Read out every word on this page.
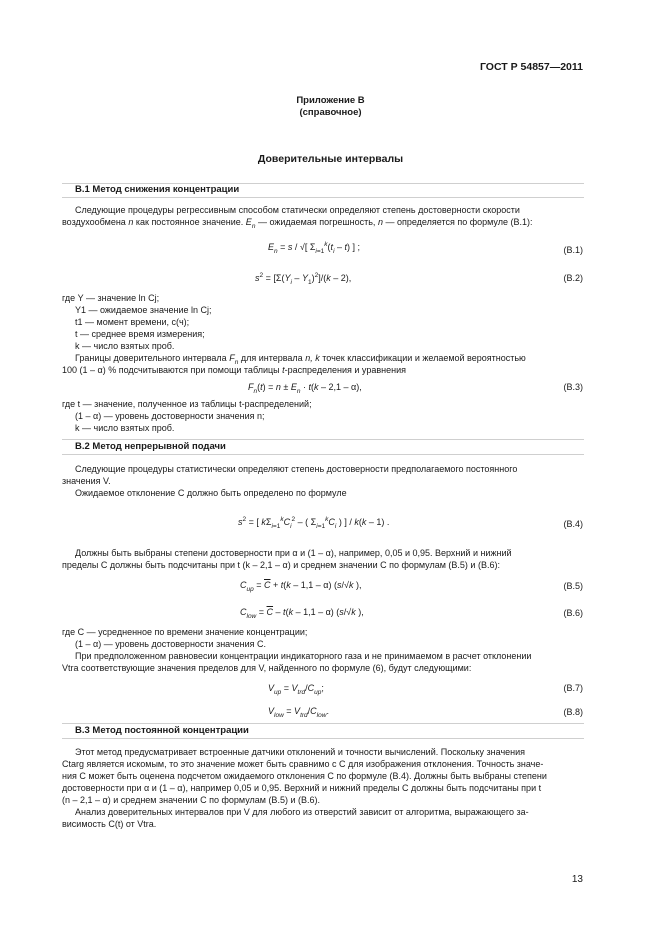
ГОСТ Р 54857—2011
Приложение В
(справочное)
Доверительные интервалы
В.1 Метод снижения концентрации
Следующие процедуры регрессивным способом статически определяют степень достоверности скорости
воздухообмена n как постоянное значение. $E_n$ — ожидаемая погрешность, n — определяется по формуле (В.1):
$E_n = s$ / √[ $\Sigma_{i=1}^k(t_i - t)$ ] ;	(В.1)
$s^2 = [\Sigma(Y_i - Y_1)^2]/(k - 2)$,	(В.2)
где Y — значение ln Cj;
Y1 — ожидаемое значение ln Cj;
t1 — момент времени, с(ч);
t — среднее время измерения;
k — число взятых проб.
Границы доверительного интервала $F_n$ для интервала n, k точек классификации и желаемой вероятностью
100 (1 – α) % подсчитываются при помощи таблицы t-распределения и уравнения
$F_n(t) = n \pm E_n \cdot t(k - 2,1 - \alpha)$,	(В.3)
где t — значение, полученное из таблицы t-распределений;
(1 – α) — уровень достоверности значения n;
k — число взятых проб.
В.2 Метод непрерывной подачи
Следующие процедуры статистически определяют степень достоверности предполагаемого постоянного
значения V.
Ожидаемое отклонение C должно быть определено по формуле
$s^2$ = [ $k\Sigma_{i=1}^kC_i^2$ – ( $\Sigma_{i=1}^kC_i$ ) ] / k(k – 1) .	(В.4)
Должны быть выбраны степени достоверности при α и (1 – α), например, 0,05 и 0,95. Верхний и нижний
пределы C должны быть подсчитаны при t (k – 2,1 – α) и среднем значении C по формулам (В.5) и (В.6):
$C_{up} = \overline{C} + t(k - 1,1 - \alpha)$ (s/√k ),	(В.5)
$C_{low} = \overline{C} - t(k - 1,1 - \alpha)$ (s/√k ),	(В.6)
где C — усредненное по времени значение концентрации;
(1 – α) — уровень достоверности значения C.
При предположенном равновесии концентрации индикаторного газа и не принимаемом в расчет отклонении
Vtra соответствующие значения пределов для V, найденного по формуле (6), будут следующими:
$V_{up} = V_{trd}/C_{up}$;	(В.7)
$V_{low} = V_{trd}/C_{low}$.	(В.8)
В.3 Метод постоянной концентрации
Этот метод предусматривает встроенные датчики отклонений и точности вычислений. Поскольку значения
Ctarg является искомым, то это значение может быть сравнимо с C для изображения отклонения. Точность значе-
ния C может быть оценена подсчетом ожидаемого отклонения C по формуле (В.4). Должны быть выбраны степени
достоверности при α и (1 – α), например 0,05 и 0,95. Верхний и нижний пределы C должны быть подсчитаны при t
(n – 2,1 – α) и среднем значении C по формулам (В.5) и (В.6).
Анализ доверительных интервалов при V для любого из отверстий зависит от алгоритма, выражающего за-
висимость C(t) от Vtra.
13
